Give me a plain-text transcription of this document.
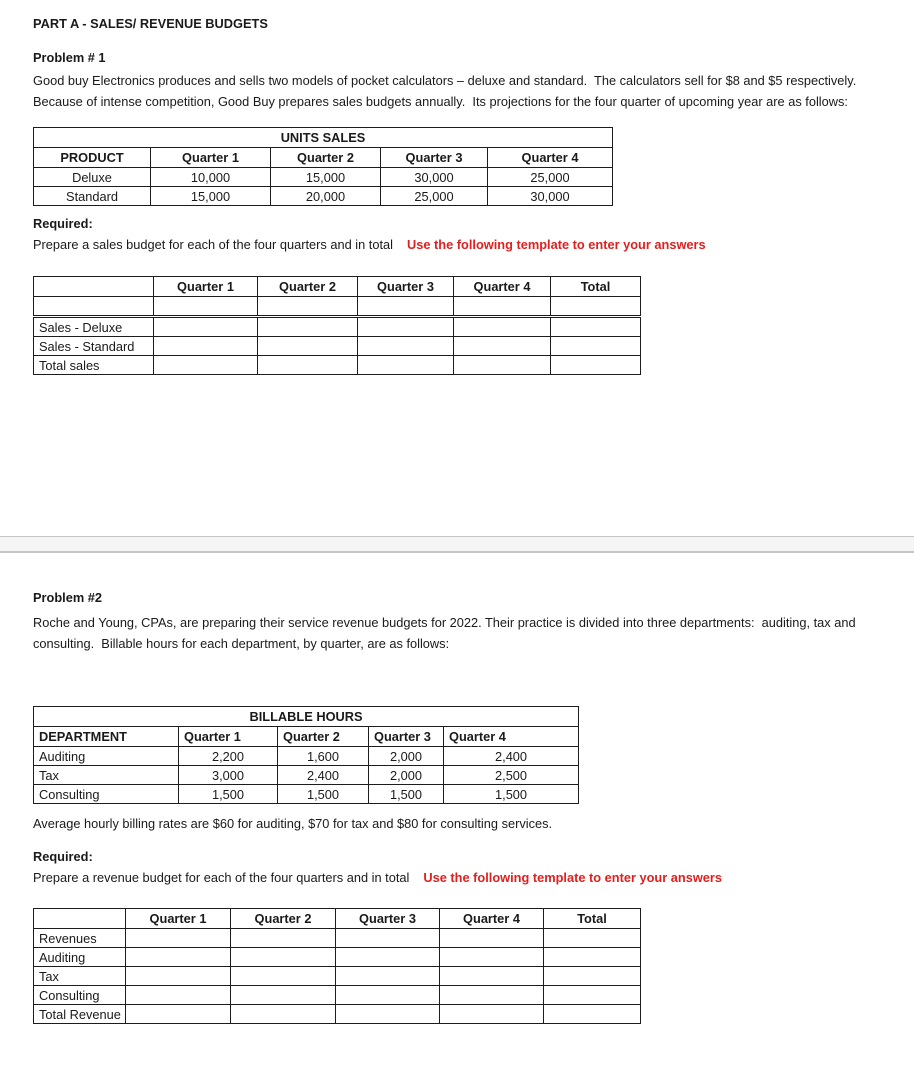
PART A - SALES/ REVENUE BUDGETS
Problem # 1
Good buy Electronics produces and sells two models of pocket calculators – deluxe and standard.  The calculators sell for $8 and $5 respectively.
Because of intense competition, Good Buy prepares sales budgets annually.  Its projections for the four quarter of upcoming year are as follows:
UNITS SALES				
PRODUCT	Quarter 1	Quarter 2	Quarter 3	Quarter 4
Deluxe	10,000	15,000	30,000	25,000
Standard	15,000	20,000	25,000	30,000
Required:
Prepare a sales budget for each of the four quarters and in total Use the following template to enter your answers
	Quarter 1	Quarter 2	Quarter 3	Quarter 4	Total

Sales - Deluxe					
Sales - Standard					
Total sales					
Problem #2
Roche and Young, CPAs, are preparing their service revenue budgets for 2022. Their practice is divided into three departments:  auditing, tax and
consulting.  Billable hours for each department, by quarter, are as follows:
BILLABLE HOURS				
DEPARTMENT	Quarter 1	Quarter 2	Quarter 3	Quarter 4
Auditing	2,200	1,600	2,000	2,400
Tax	3,000	2,400	2,000	2,500
Consulting	1,500	1,500	1,500	1,500
Average hourly billing rates are $60 for auditing, $70 for tax and $80 for consulting services.
Required:
Prepare a revenue budget for each of the four quarters and in total Use the following template to enter your answers
	Quarter 1	Quarter 2	Quarter 3	Quarter 4	Total
Revenues					
Auditing					
Tax					
Consulting					
Total Revenue					
